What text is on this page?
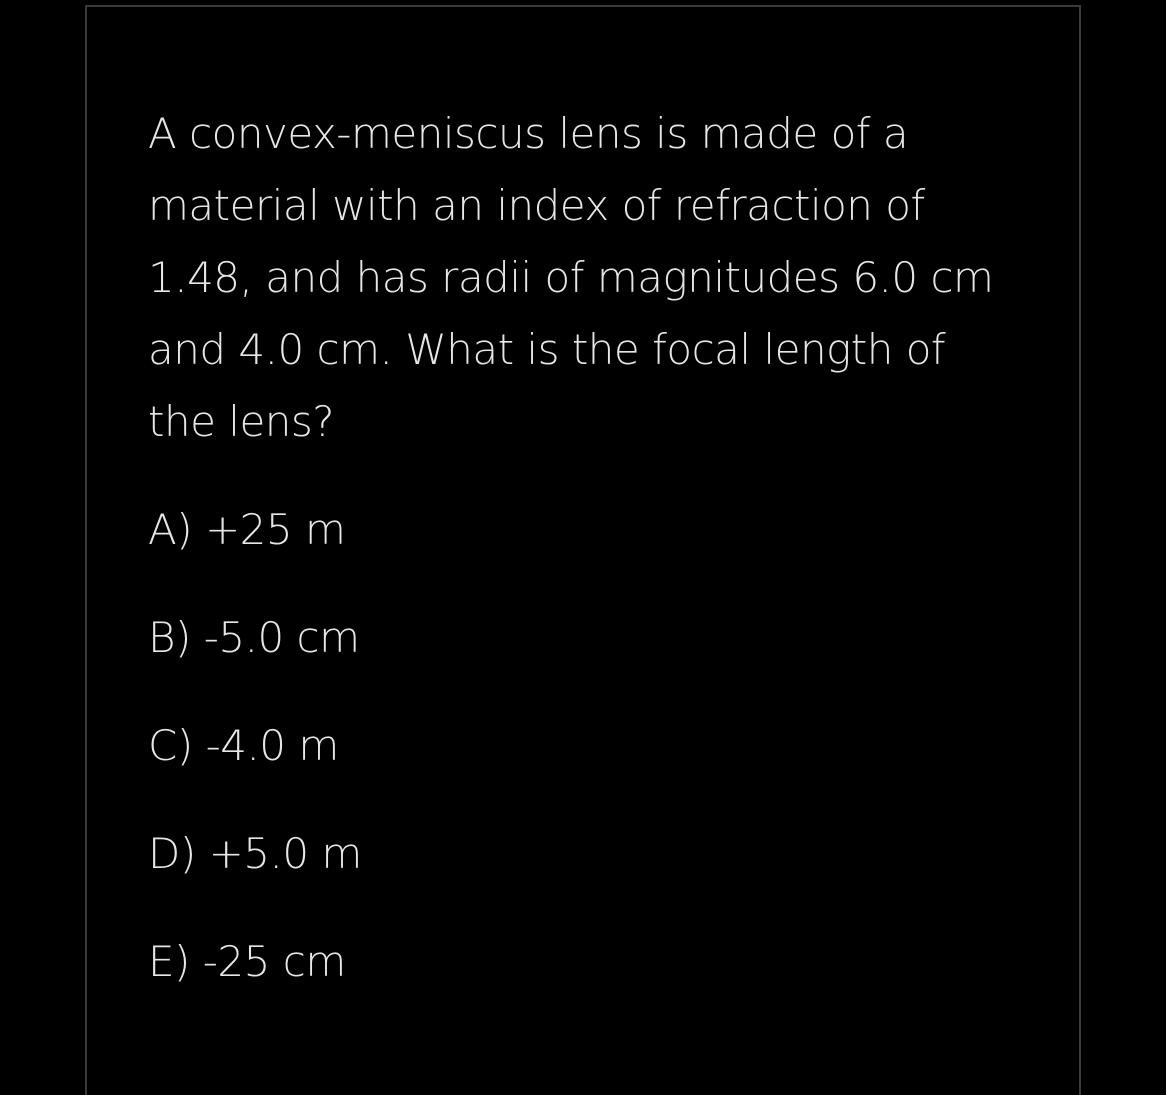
A convex-meniscus lens is made of a
material with an index of refraction of
1.48, and has radii of magnitudes 6.0 cm
and 4.0 cm. What is the focal length of
the lens?

A) +25 m
B) -5.0 cm
C) -4.0 m
D) +5.0 m
E) -25 cm
